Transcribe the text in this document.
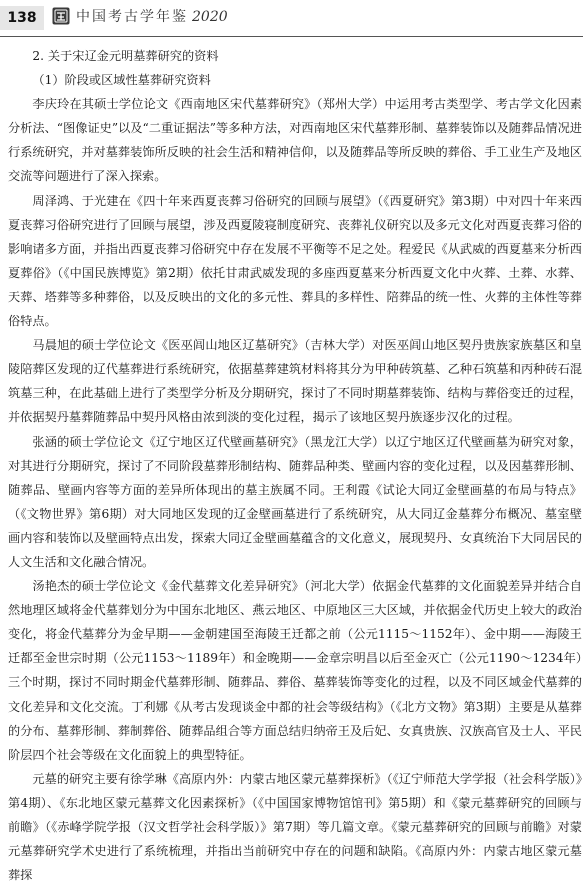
138	中国考古学年鉴 2020
2. 关于宋辽金元明墓葬研究的资料
（1）阶段或区域性墓葬研究资料

李庆玲在其硕士学位论文《西南地区宋代墓葬研究》（郑州大学）中运用考古类型学、考古学文化因素分析法、“图像证史”以及“二重证据法”等多种方法，对西南地区宋代墓葬形制、墓葬装饰以及随葬品情况进行系统研究，并对墓葬装饰所反映的社会生活和精神信仰，以及随葬品等所反映的葬俗、手工业生产及地区交流等问题进行了深入探索。

周泽鸿、于光建在《四十年来西夏丧葬习俗研究的回顾与展望》（《西夏研究》第3期）中对四十年来西夏丧葬习俗研究进行了回顾与展望，涉及西夏陵寝制度研究、丧葬礼仪研究以及多元文化对西夏丧葬习俗的影响诸多方面，并指出西夏丧葬习俗研究中存在发展不平衡等不足之处。程爱民《从武威的西夏墓来分析西夏葬俗》（《中国民族博览》第2期）依托甘肃武威发现的多座西夏墓来分析西夏文化中火葬、土葬、水葬、天葬、塔葬等多种葬俗，以及反映出的文化的多元性、葬具的多样性、陪葬品的统一性、火葬的主体性等葬俗特点。

马晨旭的硕士学位论文《医巫闾山地区辽墓研究》（吉林大学）对医巫闾山地区契丹贵族家族墓区和皇陵陪葬区发现的辽代墓葬进行系统研究，依据墓葬建筑材料将其分为甲种砖筑墓、乙种石筑墓和丙种砖石混筑墓三种，在此基础上进行了类型学分析及分期研究，探讨了不同时期墓葬装饰、结构与葬俗变迁的过程，并依据契丹墓葬随葬品中契丹风格由浓到淡的变化过程，揭示了该地区契丹族逐步汉化的过程。

张涵的硕士学位论文《辽宁地区辽代壁画墓研究》（黑龙江大学）以辽宁地区辽代壁画墓为研究对象，对其进行分期研究，探讨了不同阶段墓葬形制结构、随葬品种类、壁画内容的变化过程，以及因墓葬形制、随葬品、壁画内容等方面的差异所体现出的墓主族属不同。王利霞《试论大同辽金壁画墓的布局与特点》（《文物世界》第6期）对大同地区发现的辽金壁画墓进行了系统研究，从大同辽金墓葬分布概况、墓室壁画内容和装饰以及壁画特点出发，探索大同辽金壁画墓蕴含的文化意义，展现契丹、女真统治下大同居民的人文生活和文化融合情况。

汤艳杰的硕士学位论文《金代墓葬文化差异研究》（河北大学）依据金代墓葬的文化面貌差异并结合自然地理区域将金代墓葬划分为中国东北地区、燕云地区、中原地区三大区域，并依据金代历史上较大的政治变化，将金代墓葬分为金早期——金朝建国至海陵王迁都之前（公元1115～1152年）、金中期——海陵王迁都至金世宗时期（公元1153～1189年）和金晚期——金章宗明昌以后至金灭亡（公元1190～1234年）三个时期，探讨不同时期金代墓葬形制、随葬品、葬俗、墓葬装饰等变化的过程，以及不同区域金代墓葬的文化差异和文化交流。丁利娜《从考古发现谈金中都的社会等级结构》（《北方文物》第3期）主要是从墓葬的分布、墓葬形制、葬制葬俗、随葬品组合等方面总结归纳帝王及后妃、女真贵族、汉族高官及士人、平民阶层四个社会等级在文化面貌上的典型特征。

元墓的研究主要有徐学琳《高原内外：内蒙古地区蒙元墓葬探析》（《辽宁师范大学学报（社会科学版）》第4期）、《东北地区蒙元墓葬文化因素探析》（《中国国家博物馆馆刊》第5期）和《蒙元墓葬研究的回顾与前瞻》（《赤峰学院学报（汉文哲学社会科学版）》第7期）等几篇文章。《蒙元墓葬研究的回顾与前瞻》对蒙元墓葬研究学术史进行了系统梳理，并指出当前研究中存在的问题和缺陷。《高原内外：内蒙古地区蒙元墓葬探
